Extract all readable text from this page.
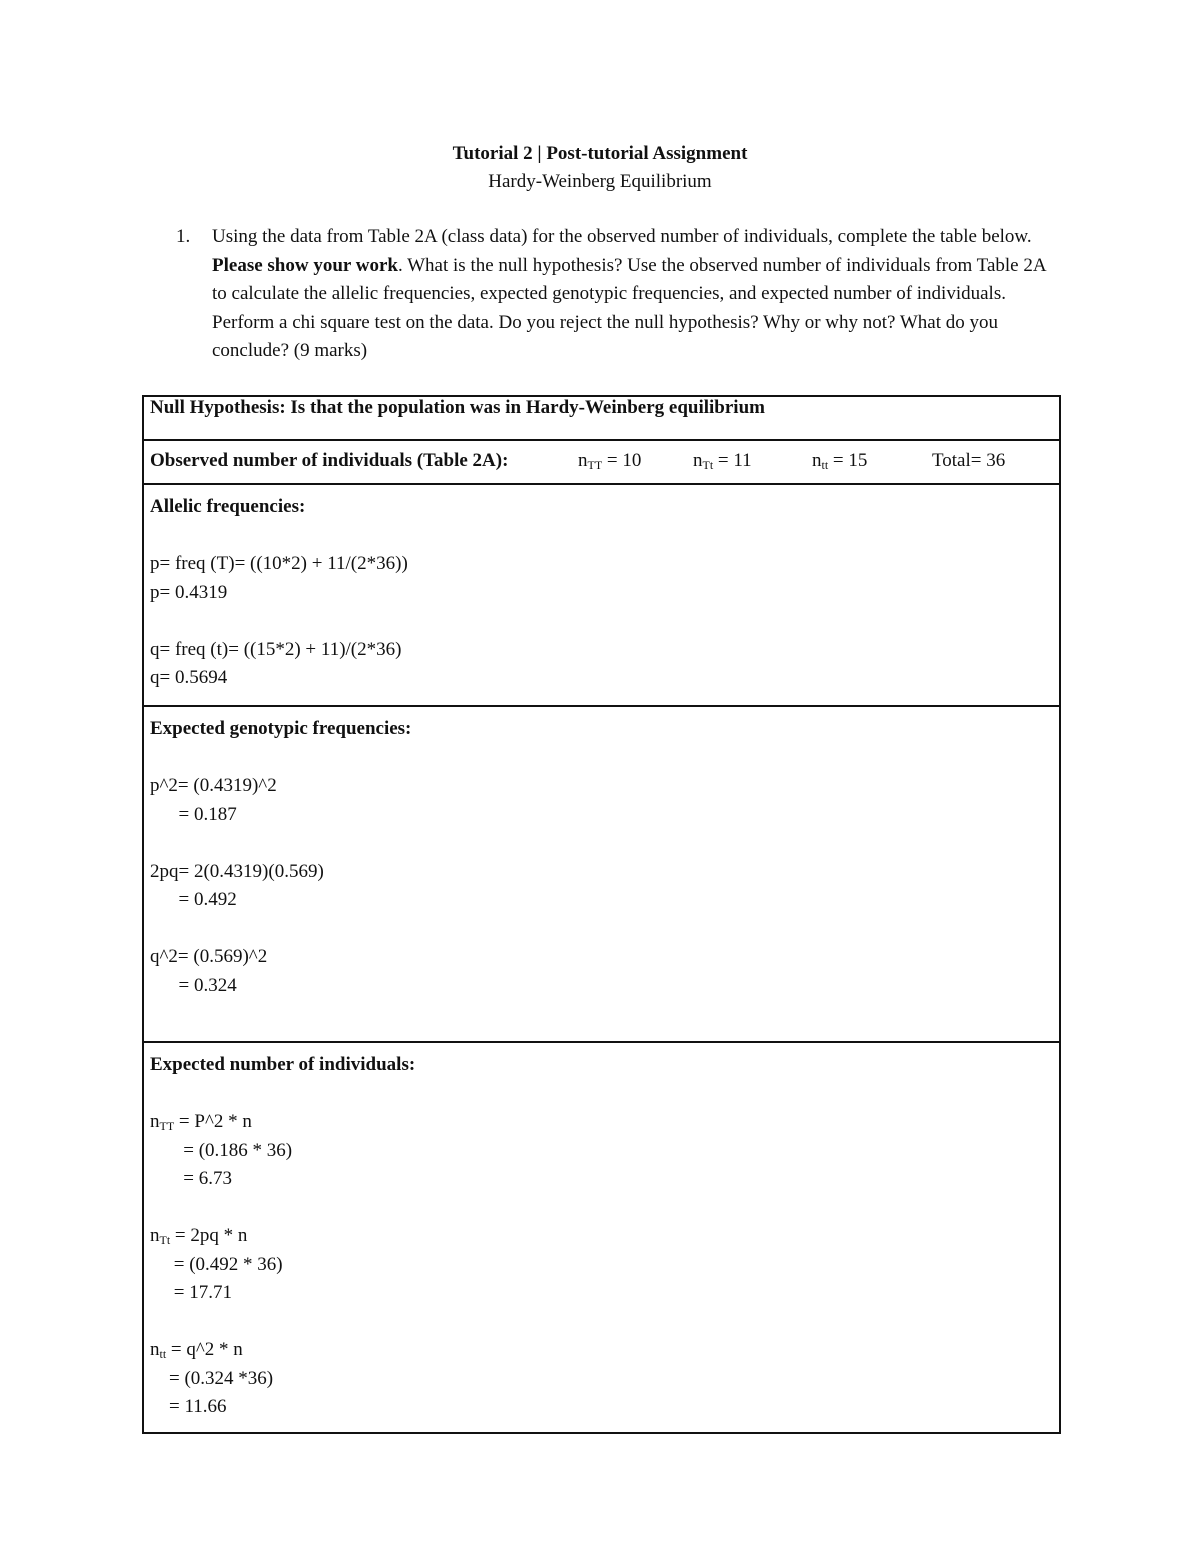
Tutorial 2 | Post-tutorial Assignment
Hardy-Weinberg Equilibrium
1. Using the data from Table 2A (class data) for the observed number of individuals, complete the table below. Please show your work. What is the null hypothesis? Use the observed number of individuals from Table 2A to calculate the allelic frequencies, expected genotypic frequencies, and expected number of individuals. Perform a chi square test on the data. Do you reject the null hypothesis? Why or why not? What do you conclude? (9 marks)
Null Hypothesis: Is that the population was in Hardy-Weinberg equilibrium

Observed number of individuals (Table 2A):	$n_{TT} = 10$	$n_{Tt} = 11$	$n_{tt} = 15$	Total= 36

Allelic frequencies:
p= freq (T)= ((10*2) + 11/(2*36))
p= 0.4319
q= freq (t)= ((15*2) + 11)/(2*36)
q= 0.5694

Expected genotypic frequencies:
p^2= (0.4319)^2
= 0.187
2pq= 2(0.4319)(0.569)
= 0.492
q^2= (0.569)^2
= 0.324

Expected number of individuals:
$n_{TT}$ = P^2 * n
= (0.186 * 36)
= 6.73
$n_{Tt} = 2pq * n$
= (0.492 * 36)
= 17.71
$n_{tt}$ = q^2 * n
= (0.324 *36)
= 11.66
